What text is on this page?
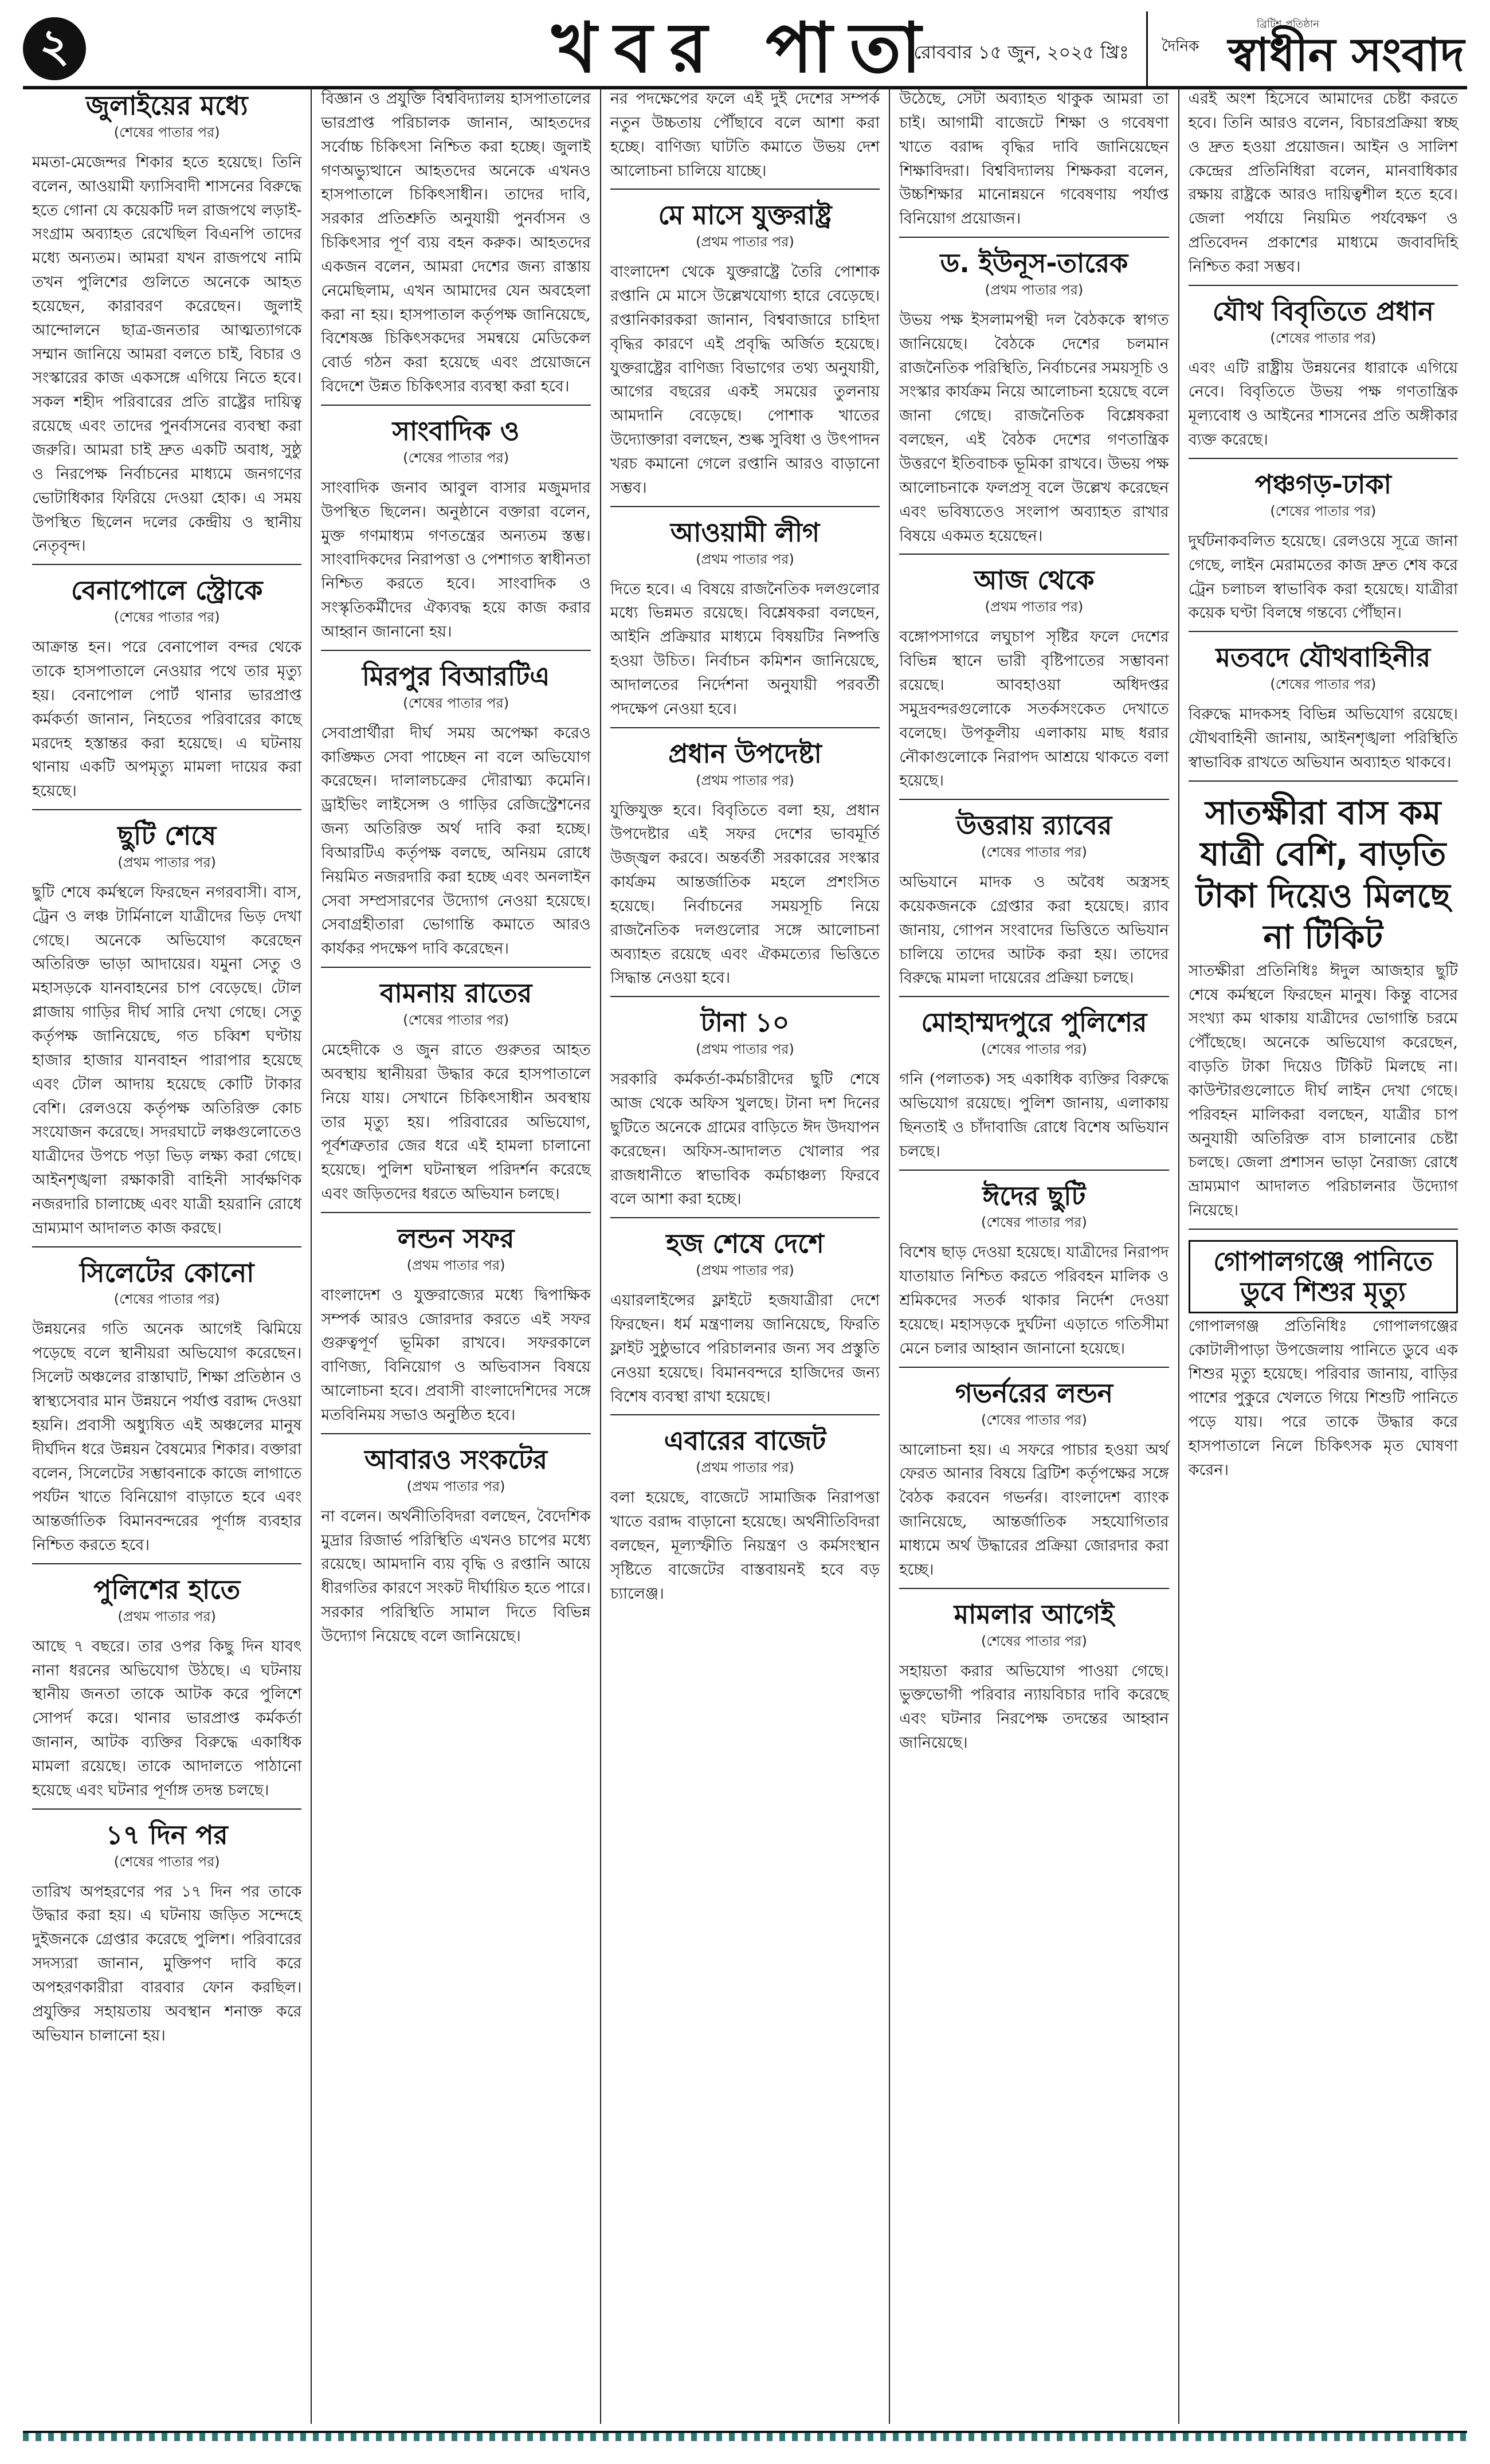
২	খবর পাতা
রোববার ১৫ জুন, ২০২৫ খ্রিঃ
ব্রিটিশ প্রতিষ্ঠান
দৈনিক স্বাধীন সংবাদ
জুলাইয়ের মধ্যে
(শেষের পাতার পর)

মমতা-মেজেন্দর শিকার হতে হয়েছে। তিনি বলেন, আওয়ামী ফ্যাসিবাদী শাসনের বিরুদ্ধে হতে গোনা যে কয়েকটি দল রাজপথে লড়াই-সংগ্রাম অব্যাহত রেখেছিল বিএনপি তাদের মধ্যে অন্যতম। আমরা যখন রাজপথে নামি তখন পুলিশের গুলিতে অনেকে আহত হয়েছেন, কারাবরণ করেছেন। জুলাই আন্দোলনে ছাত্র-জনতার আত্মত্যাগকে সম্মান জানিয়ে আমরা বলতে চাই, বিচার ও সংস্কারের কাজ একসঙ্গে এগিয়ে নিতে হবে। সকল শহীদ পরিবারের প্রতি রাষ্ট্রের দায়িত্ব রয়েছে এবং তাদের পুনর্বাসনের ব্যবস্থা করা জরুরি। আমরা চাই দ্রুত একটি অবাধ, সুষ্ঠু ও নিরপেক্ষ নির্বাচনের মাধ্যমে জনগণের ভোটাধিকার ফিরিয়ে দেওয়া হোক। এ সময় উপস্থিত ছিলেন দলের কেন্দ্রীয় ও স্থানীয় নেতৃবৃন্দ।

বেনাপোলে স্ট্রোকে
(শেষের পাতার পর)

আক্রান্ত হন। পরে বেনাপোল বন্দর থেকে তাকে হাসপাতালে নেওয়ার পথে তার মৃত্যু হয়। বেনাপোল পোর্ট থানার ভারপ্রাপ্ত কর্মকর্তা জানান, নিহতের পরিবারের কাছে মরদেহ হস্তান্তর করা হয়েছে। এ ঘটনায় থানায় একটি অপমৃত্যু মামলা দায়ের করা হয়েছে।

ছুটি শেষে
(প্রথম পাতার পর)

ছুটি শেষে কর্মস্থলে ফিরছেন নগরবাসী। বাস, ট্রেন ও লঞ্চ টার্মিনালে যাত্রীদের ভিড় দেখা গেছে। অনেকে অভিযোগ করেছেন অতিরিক্ত ভাড়া আদায়ের। যমুনা সেতু ও মহাসড়কে যানবাহনের চাপ বেড়েছে। টোল প্লাজায় গাড়ির দীর্ঘ সারি দেখা গেছে। সেতু কর্তৃপক্ষ জানিয়েছে, গত চব্বিশ ঘণ্টায় হাজার হাজার যানবাহন পারাপার হয়েছে এবং টোল আদায় হয়েছে কোটি টাকার বেশি। রেলওয়ে কর্তৃপক্ষ অতিরিক্ত কোচ সংযোজন করেছে। সদরঘাটে লঞ্চগুলোতেও যাত্রীদের উপচে পড়া ভিড় লক্ষ্য করা গেছে। আইনশৃঙ্খলা রক্ষাকারী বাহিনী সার্বক্ষণিক নজরদারি চালাচ্ছে এবং যাত্রী হয়রানি রোধে ভ্রাম্যমাণ আদালত কাজ করছে।

সিলেটের কোনো
(শেষের পাতার পর)

উন্নয়নের গতি অনেক আগেই ঝিমিয়ে পড়েছে বলে স্থানীয়রা অভিযোগ করেছেন। সিলেট অঞ্চলের রাস্তাঘাট, শিক্ষা প্রতিষ্ঠান ও স্বাস্থ্যসেবার মান উন্নয়নে পর্যাপ্ত বরাদ্দ দেওয়া হয়নি। প্রবাসী অধ্যুষিত এই অঞ্চলের মানুষ দীর্ঘদিন ধরে উন্নয়ন বৈষম্যের শিকার। বক্তারা বলেন, সিলেটের সম্ভাবনাকে কাজে লাগাতে পর্যটন খাতে বিনিয়োগ বাড়াতে হবে এবং আন্তর্জাতিক বিমানবন্দরের পূর্ণাঙ্গ ব্যবহার নিশ্চিত করতে হবে।

পুলিশের হাতে
(প্রথম পাতার পর)

আছে ৭ বছরে। তার ওপর কিছু দিন যাবৎ নানা ধরনের অভিযোগ উঠছে। এ ঘটনায় স্থানীয় জনতা তাকে আটক করে পুলিশে সোপর্দ করে। থানার ভারপ্রাপ্ত কর্মকর্তা জানান, আটক ব্যক্তির বিরুদ্ধে একাধিক মামলা রয়েছে। তাকে আদালতে পাঠানো হয়েছে এবং ঘটনার পূর্ণাঙ্গ তদন্ত চলছে।

১৭ দিন পর
(শেষের পাতার পর)

তারিখ অপহরণের পর ১৭ দিন পর তাকে উদ্ধার করা হয়। এ ঘটনায় জড়িত সন্দেহে দুইজনকে গ্রেপ্তার করেছে পুলিশ। পরিবারের সদস্যরা জানান, মুক্তিপণ দাবি করে অপহরণকারীরা বারবার ফোন করছিল। প্রযুক্তির সহায়তায় অবস্থান শনাক্ত করে অভিযান চালানো হয়।

বিজ্ঞান ও প্রযুক্তি বিশ্ববিদ্যালয় হাসপাতালের ভারপ্রাপ্ত পরিচালক জানান, আহতদের সর্বোচ্চ চিকিৎসা নিশ্চিত করা হচ্ছে। জুলাই গণঅভ্যুত্থানে আহতদের অনেকে এখনও হাসপাতালে চিকিৎসাধীন। তাদের দাবি, সরকার প্রতিশ্রুতি অনুযায়ী পুনর্বাসন ও চিকিৎসার পূর্ণ ব্যয় বহন করুক। আহতদের একজন বলেন, আমরা দেশের জন্য রাস্তায় নেমেছিলাম, এখন আমাদের যেন অবহেলা করা না হয়। হাসপাতাল কর্তৃপক্ষ জানিয়েছে, বিশেষজ্ঞ চিকিৎসকদের সমন্বয়ে মেডিকেল বোর্ড গঠন করা হয়েছে এবং প্রয়োজনে বিদেশে উন্নত চিকিৎসার ব্যবস্থা করা হবে।

সাংবাদিক ও
(শেষের পাতার পর)

সাংবাদিক জনাব আবুল বাসার মজুমদার উপস্থিত ছিলেন। অনুষ্ঠানে বক্তারা বলেন, মুক্ত গণমাধ্যম গণতন্ত্রের অন্যতম স্তম্ভ। সাংবাদিকদের নিরাপত্তা ও পেশাগত স্বাধীনতা নিশ্চিত করতে হবে। সাংবাদিক ও সংস্কৃতিকর্মীদের ঐক্যবদ্ধ হয়ে কাজ করার আহ্বান জানানো হয়।

মিরপুর বিআরটিএ
(শেষের পাতার পর)

সেবাপ্রার্থীরা দীর্ঘ সময় অপেক্ষা করেও কাঙ্ক্ষিত সেবা পাচ্ছেন না বলে অভিযোগ করেছেন। দালালচক্রের দৌরাত্ম্য কমেনি। ড্রাইভিং লাইসেন্স ও গাড়ির রেজিস্ট্রেশনের জন্য অতিরিক্ত অর্থ দাবি করা হচ্ছে। বিআরটিএ কর্তৃপক্ষ বলছে, অনিয়ম রোধে নিয়মিত নজরদারি করা হচ্ছে এবং অনলাইন সেবা সম্প্রসারণের উদ্যোগ নেওয়া হয়েছে। সেবাগ্রহীতারা ভোগান্তি কমাতে আরও কার্যকর পদক্ষেপ দাবি করেছেন।

বামনায় রাতের
(শেষের পাতার পর)

মেহেদীকে ও জুন রাতে গুরুতর আহত অবস্থায় স্থানীয়রা উদ্ধার করে হাসপাতালে নিয়ে যায়। সেখানে চিকিৎসাধীন অবস্থায় তার মৃত্যু হয়। পরিবারের অভিযোগ, পূর্বশত্রুতার জের ধরে এই হামলা চালানো হয়েছে। পুলিশ ঘটনাস্থল পরিদর্শন করেছে এবং জড়িতদের ধরতে অভিযান চলছে।

লন্ডন সফর
(প্রথম পাতার পর)

বাংলাদেশ ও যুক্তরাজ্যের মধ্যে দ্বিপাক্ষিক সম্পর্ক আরও জোরদার করতে এই সফর গুরুত্বপূর্ণ ভূমিকা রাখবে। সফরকালে বাণিজ্য, বিনিয়োগ ও অভিবাসন বিষয়ে আলোচনা হবে। প্রবাসী বাংলাদেশিদের সঙ্গে মতবিনিময় সভাও অনুষ্ঠিত হবে।

আবারও সংকটের
(প্রথম পাতার পর)

না বলেন। অর্থনীতিবিদরা বলছেন, বৈদেশিক মুদ্রার রিজার্ভ পরিস্থিতি এখনও চাপের মধ্যে রয়েছে। আমদানি ব্যয় বৃদ্ধি ও রপ্তানি আয়ে ধীরগতির কারণে সংকট দীর্ঘায়িত হতে পারে। সরকার পরিস্থিতি সামাল দিতে বিভিন্ন উদ্যোগ নিয়েছে বলে জানিয়েছে।

নর পদক্ষেপের ফলে এই দুই দেশের সম্পর্ক নতুন উচ্চতায় পৌঁছাবে বলে আশা করা হচ্ছে। বাণিজ্য ঘাটতি কমাতে উভয় দেশ আলোচনা চালিয়ে যাচ্ছে।

মে মাসে যুক্তরাষ্ট্র
(প্রথম পাতার পর)

বাংলাদেশ থেকে যুক্তরাষ্ট্রে তৈরি পোশাক রপ্তানি মে মাসে উল্লেখযোগ্য হারে বেড়েছে। রপ্তানিকারকরা জানান, বিশ্ববাজারে চাহিদা বৃদ্ধির কারণে এই প্রবৃদ্ধি অর্জিত হয়েছে। যুক্তরাষ্ট্রের বাণিজ্য বিভাগের তথ্য অনুযায়ী, আগের বছরের একই সময়ের তুলনায় আমদানি বেড়েছে। পোশাক খাতের উদ্যোক্তারা বলছেন, শুল্ক সুবিধা ও উৎপাদন খরচ কমানো গেলে রপ্তানি আরও বাড়ানো সম্ভব।

আওয়ামী লীগ
(প্রথম পাতার পর)

দিতে হবে। এ বিষয়ে রাজনৈতিক দলগুলোর মধ্যে ভিন্নমত রয়েছে। বিশ্লেষকরা বলছেন, আইনি প্রক্রিয়ার মাধ্যমে বিষয়টির নিষ্পত্তি হওয়া উচিত। নির্বাচন কমিশন জানিয়েছে, আদালতের নির্দেশনা অনুযায়ী পরবর্তী পদক্ষেপ নেওয়া হবে।

প্রধান উপদেষ্টা
(প্রথম পাতার পর)

যুক্তিযুক্ত হবে। বিবৃতিতে বলা হয়, প্রধান উপদেষ্টার এই সফর দেশের ভাবমূর্তি উজ্জ্বল করবে। অন্তর্বর্তী সরকারের সংস্কার কার্যক্রম আন্তর্জাতিক মহলে প্রশংসিত হয়েছে। নির্বাচনের সময়সূচি নিয়ে রাজনৈতিক দলগুলোর সঙ্গে আলোচনা অব্যাহত রয়েছে এবং ঐকমত্যের ভিত্তিতে সিদ্ধান্ত নেওয়া হবে।

টানা ১০
(প্রথম পাতার পর)

সরকারি কর্মকর্তা-কর্মচারীদের ছুটি শেষে আজ থেকে অফিস খুলছে। টানা দশ দিনের ছুটিতে অনেকে গ্রামের বাড়িতে ঈদ উদযাপন করেছেন। অফিস-আদালত খোলার পর রাজধানীতে স্বাভাবিক কর্মচাঞ্চল্য ফিরবে বলে আশা করা হচ্ছে।

হজ শেষে দেশে
(প্রথম পাতার পর)

এয়ারলাইন্সের ফ্লাইটে হজযাত্রীরা দেশে ফিরছেন। ধর্ম মন্ত্রণালয় জানিয়েছে, ফিরতি ফ্লাইট সুষ্ঠুভাবে পরিচালনার জন্য সব প্রস্তুতি নেওয়া হয়েছে। বিমানবন্দরে হাজিদের জন্য বিশেষ ব্যবস্থা রাখা হয়েছে।

এবারের বাজেট
(প্রথম পাতার পর)

বলা হয়েছে, বাজেটে সামাজিক নিরাপত্তা খাতে বরাদ্দ বাড়ানো হয়েছে। অর্থনীতিবিদরা বলছেন, মূল্যস্ফীতি নিয়ন্ত্রণ ও কর্মসংস্থান সৃষ্টিতে বাজেটের বাস্তবায়নই হবে বড় চ্যালেঞ্জ।

উঠেছে, সেটা অব্যাহত থাকুক আমরা তা চাই। আগামী বাজেটে শিক্ষা ও গবেষণা খাতে বরাদ্দ বৃদ্ধির দাবি জানিয়েছেন শিক্ষাবিদরা। বিশ্ববিদ্যালয় শিক্ষকরা বলেন, উচ্চশিক্ষার মানোন্নয়নে গবেষণায় পর্যাপ্ত বিনিয়োগ প্রয়োজন।

ড. ইউনূস-তারেক
(প্রথম পাতার পর)

উভয় পক্ষ ইসলামপন্থী দল বৈঠককে স্বাগত জানিয়েছে। বৈঠকে দেশের চলমান রাজনৈতিক পরিস্থিতি, নির্বাচনের সময়সূচি ও সংস্কার কার্যক্রম নিয়ে আলোচনা হয়েছে বলে জানা গেছে। রাজনৈতিক বিশ্লেষকরা বলছেন, এই বৈঠক দেশের গণতান্ত্রিক উত্তরণে ইতিবাচক ভূমিকা রাখবে। উভয় পক্ষ আলোচনাকে ফলপ্রসূ বলে উল্লেখ করেছেন এবং ভবিষ্যতেও সংলাপ অব্যাহত রাখার বিষয়ে একমত হয়েছেন।

আজ থেকে
(প্রথম পাতার পর)

বঙ্গোপসাগরে লঘুচাপ সৃষ্টির ফলে দেশের বিভিন্ন স্থানে ভারী বৃষ্টিপাতের সম্ভাবনা রয়েছে। আবহাওয়া অধিদপ্তর সমুদ্রবন্দরগুলোকে সতর্কসংকেত দেখাতে বলেছে। উপকূলীয় এলাকায় মাছ ধরার নৌকাগুলোকে নিরাপদ আশ্রয়ে থাকতে বলা হয়েছে।

উত্তরায় র‍্যাবের
(শেষের পাতার পর)

অভিযানে মাদক ও অবৈধ অস্ত্রসহ কয়েকজনকে গ্রেপ্তার করা হয়েছে। র‍্যাব জানায়, গোপন সংবাদের ভিত্তিতে অভিযান চালিয়ে তাদের আটক করা হয়। তাদের বিরুদ্ধে মামলা দায়েরের প্রক্রিয়া চলছে।

মোহাম্মদপুরে পুলিশের
(শেষের পাতার পর)

গনি (পলাতক) সহ একাধিক ব্যক্তির বিরুদ্ধে অভিযোগ রয়েছে। পুলিশ জানায়, এলাকায় ছিনতাই ও চাঁদাবাজি রোধে বিশেষ অভিযান চলছে।

ঈদের ছুটি
(শেষের পাতার পর)

বিশেষ ছাড় দেওয়া হয়েছে। যাত্রীদের নিরাপদ যাতায়াত নিশ্চিত করতে পরিবহন মালিক ও শ্রমিকদের সতর্ক থাকার নির্দেশ দেওয়া হয়েছে। মহাসড়কে দুর্ঘটনা এড়াতে গতিসীমা মেনে চলার আহ্বান জানানো হয়েছে।

গভর্নরের লন্ডন
(শেষের পাতার পর)

আলোচনা হয়। এ সফরে পাচার হওয়া অর্থ ফেরত আনার বিষয়ে ব্রিটিশ কর্তৃপক্ষের সঙ্গে বৈঠক করবেন গভর্নর। বাংলাদেশ ব্যাংক জানিয়েছে, আন্তর্জাতিক সহযোগিতার মাধ্যমে অর্থ উদ্ধারের প্রক্রিয়া জোরদার করা হচ্ছে।

মামলার আগেই
(শেষের পাতার পর)

সহায়তা করার অভিযোগ পাওয়া গেছে। ভুক্তভোগী পরিবার ন্যায়বিচার দাবি করেছে এবং ঘটনার নিরপেক্ষ তদন্তের আহ্বান জানিয়েছে।

এরই অংশ হিসেবে আমাদের চেষ্টা করতে হবে। তিনি আরও বলেন, বিচারপ্রক্রিয়া স্বচ্ছ ও দ্রুত হওয়া প্রয়োজন। আইন ও সালিশ কেন্দ্রের প্রতিনিধিরা বলেন, মানবাধিকার রক্ষায় রাষ্ট্রকে আরও দায়িত্বশীল হতে হবে। জেলা পর্যায়ে নিয়মিত পর্যবেক্ষণ ও প্রতিবেদন প্রকাশের মাধ্যমে জবাবদিহি নিশ্চিত করা সম্ভব।

যৌথ বিবৃতিতে প্রধান
(শেষের পাতার পর)

এবং এটি রাষ্ট্রীয় উন্নয়নের ধারাকে এগিয়ে নেবে। বিবৃতিতে উভয় পক্ষ গণতান্ত্রিক মূল্যবোধ ও আইনের শাসনের প্রতি অঙ্গীকার ব্যক্ত করেছে।

পঞ্চগড়-ঢাকা
(শেষের পাতার পর)

দুর্ঘটনাকবলিত হয়েছে। রেলওয়ে সূত্রে জানা গেছে, লাইন মেরামতের কাজ দ্রুত শেষ করে ট্রেন চলাচল স্বাভাবিক করা হয়েছে। যাত্রীরা কয়েক ঘণ্টা বিলম্বে গন্তব্যে পৌঁছান।

মতবদে যৌথবাহিনীর
(শেষের পাতার পর)

বিরুদ্ধে মাদকসহ বিভিন্ন অভিযোগ রয়েছে। যৌথবাহিনী জানায়, আইনশৃঙ্খলা পরিস্থিতি স্বাভাবিক রাখতে অভিযান অব্যাহত থাকবে।

সাতক্ষীরা বাস কম যাত্রী বেশি, বাড়তি টাকা দিয়েও মিলছে না টিকিট

সাতক্ষীরা প্রতিনিধিঃ ঈদুল আজহার ছুটি শেষে কর্মস্থলে ফিরছেন মানুষ। কিন্তু বাসের সংখ্যা কম থাকায় যাত্রীদের ভোগান্তি চরমে পৌঁছেছে। অনেকে অভিযোগ করেছেন, বাড়তি টাকা দিয়েও টিকিট মিলছে না। কাউন্টারগুলোতে দীর্ঘ লাইন দেখা গেছে। পরিবহন মালিকরা বলছেন, যাত্রীর চাপ অনুযায়ী অতিরিক্ত বাস চালানোর চেষ্টা চলছে। জেলা প্রশাসন ভাড়া নৈরাজ্য রোধে ভ্রাম্যমাণ আদালত পরিচালনার উদ্যোগ নিয়েছে।

গোপালগঞ্জে পানিতে ডুবে শিশুর মৃত্যু

গোপালগঞ্জ প্রতিনিধিঃ গোপালগঞ্জের কোটালীপাড়া উপজেলায় পানিতে ডুবে এক শিশুর মৃত্যু হয়েছে। পরিবার জানায়, বাড়ির পাশের পুকুরে খেলতে গিয়ে শিশুটি পানিতে পড়ে যায়। পরে তাকে উদ্ধার করে হাসপাতালে নিলে চিকিৎসক মৃত ঘোষণা করেন।
